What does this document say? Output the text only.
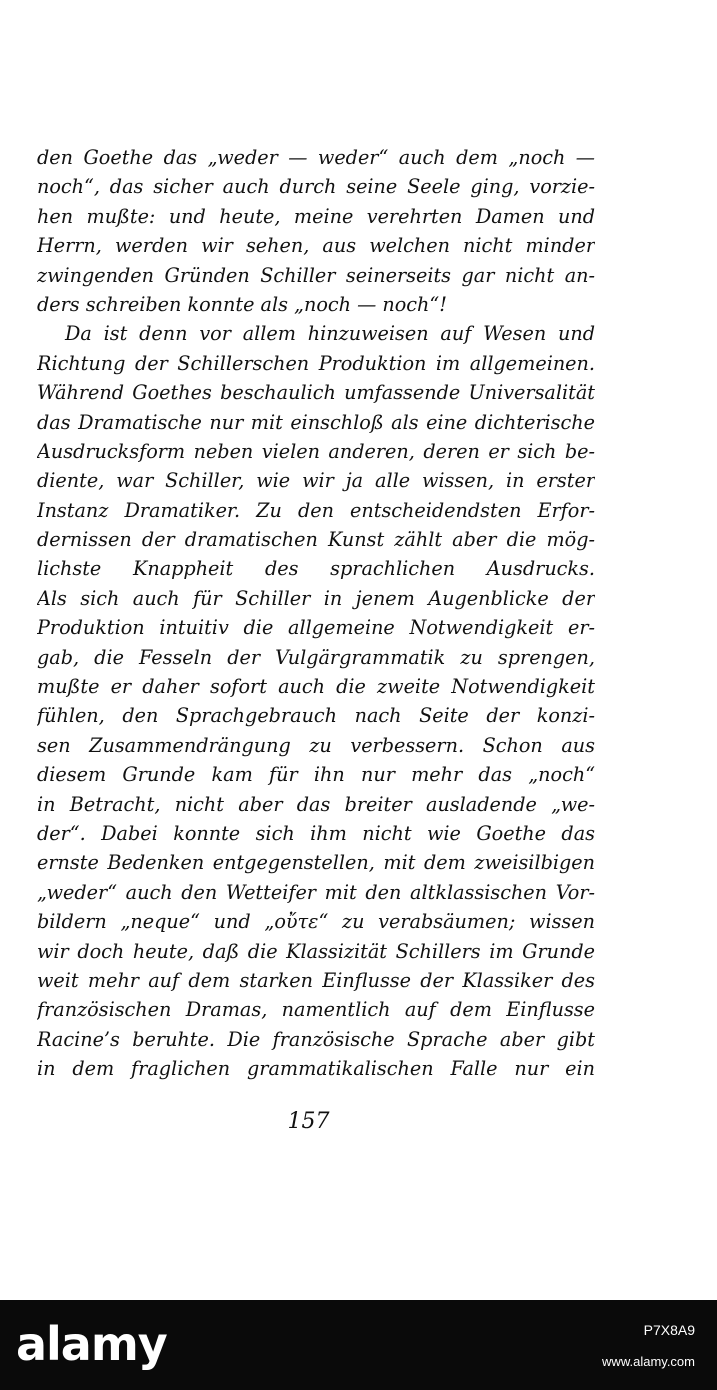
den Goethe das „weder — weder“ auch dem „noch —
noch“, das sicher auch durch seine Seele ging, vorzie-
hen mußte: und heute, meine verehrten Damen und
Herrn, werden wir sehen, aus welchen nicht minder
zwingenden Gründen Schiller seinerseits gar nicht an-
ders schreiben konnte als „noch — noch“!
Da ist denn vor allem hinzuweisen auf Wesen und
Richtung der Schillerschen Produktion im allgemeinen.
Während Goethes beschaulich umfassende Universalität
das Dramatische nur mit einschloß als eine dichterische
Ausdrucksform neben vielen anderen, deren er sich be-
diente, war Schiller, wie wir ja alle wissen, in erster
Instanz Dramatiker. Zu den entscheidendsten Erfor-
dernissen der dramatischen Kunst zählt aber die mög-
lichste Knappheit des sprachlichen Ausdrucks.
Als sich auch für Schiller in jenem Augenblicke der
Produktion intuitiv die allgemeine Notwendigkeit er-
gab, die Fesseln der Vulgärgrammatik zu sprengen,
mußte er daher sofort auch die zweite Notwendigkeit
fühlen, den Sprachgebrauch nach Seite der konzi-
sen Zusammendrängung zu verbessern. Schon aus
diesem Grunde kam für ihn nur mehr das „noch“
in Betracht, nicht aber das breiter ausladende „we-
der“. Dabei konnte sich ihm nicht wie Goethe das
ernste Bedenken entgegenstellen, mit dem zweisilbigen
„weder“ auch den Wetteifer mit den altklassischen Vor-
bildern „neque“ und „οὔτε“ zu verabsäumen; wissen
wir doch heute, daß die Klassizität Schillers im Grunde
weit mehr auf dem starken Einflusse der Klassiker des
französischen Dramas, namentlich auf dem Einflusse
Racine’s beruhte. Die französische Sprache aber gibt
in dem fraglichen grammatikalischen Falle nur ein
157
alamy	P7X8A9
www.alamy.com
